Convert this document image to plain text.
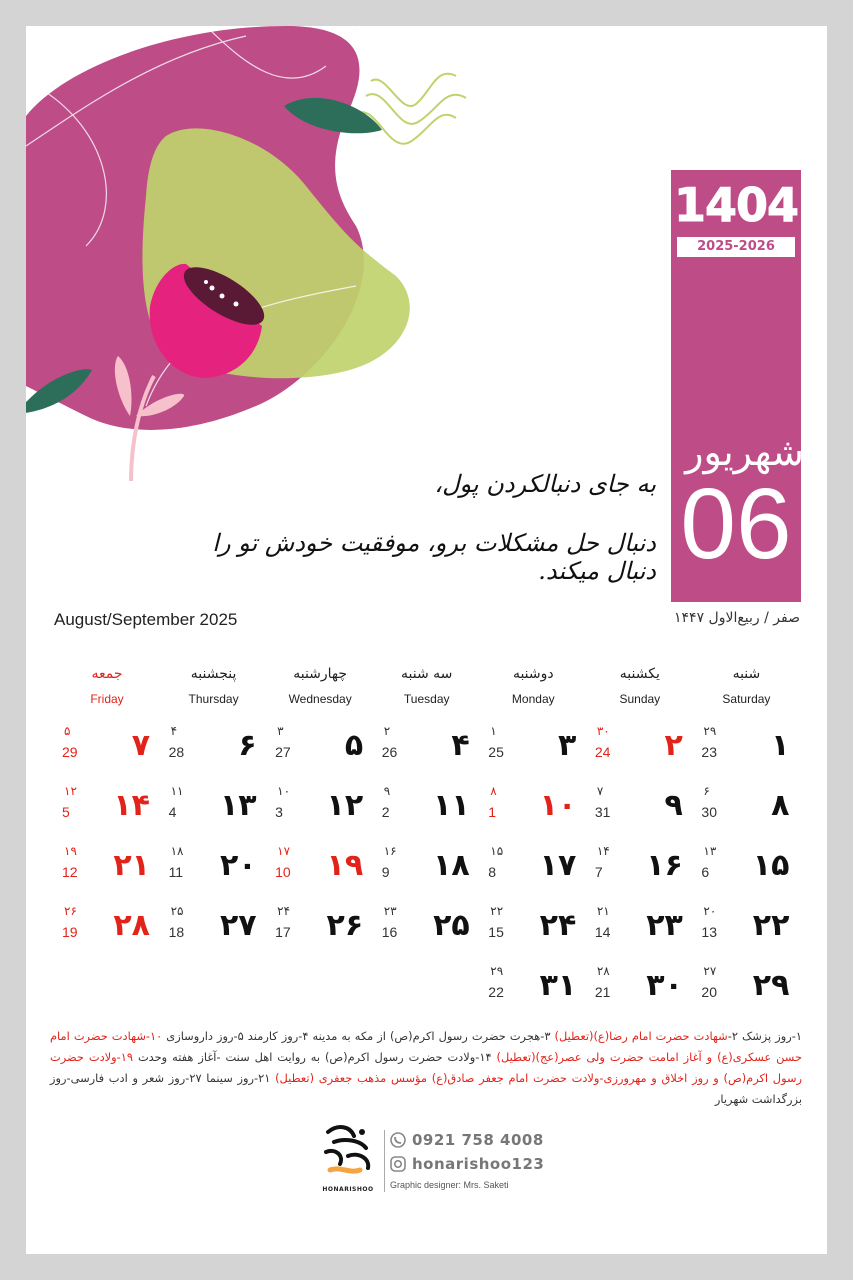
1404
2025-2026
شهریور
06
به جای دنبالکردن پول،
دنبال حل مشکلات برو، موفقیت خودش تو را دنبال میکند.
August/September 2025	صفر / ربیع‌الاول ۱۴۴۷
شنبه
Saturday
یکشنبه
Sunday
دوشنبه
Monday
سه شنبه
Tuesday
چهارشنبه
Wednesday
پنجشنبه
Thursday
جمعه
Friday
۱
۲۹
23
۲
۳۰
24
۳
۱
25
۴
۲
26
۵
۳
27
۶
۴
28
۷
۵
29
۸
۶
30
۹
۷
31
۱۰
۸
1
۱۱
۹
2
۱۲
۱۰
3
۱۳
۱۱
4
۱۴
۱۲
5
۱۵
۱۳
6
۱۶
۱۴
7
۱۷
۱۵
8
۱۸
۱۶
9
۱۹
۱۷
10
۲۰
۱۸
11
۲۱
۱۹
12
۲۲
۲۰
13
۲۳
۲۱
14
۲۴
۲۲
15
۲۵
۲۳
16
۲۶
۲۴
17
۲۷
۲۵
18
۲۸
۲۶
19
۲۹
۲۷
20
۳۰
۲۸
21
۳۱
۲۹
22
۱-روز پزشک ۲-شهادت حضرت امام رضا(ع)(تعطیل) ۳-هجرت حضرت رسول اکرم(ص) از مکه به مدینه ۴-روز کارمند ۵-روز داروسازی ۱۰-شهادت حضرت امام حسن عسکری(ع) و آغاز امامت حضرت ولی عصر(عج)(تعطیل) ۱۴-ولادت حضرت رسول اکرم(ص) به روایت اهل سنت -آغاز هفته وحدت ۱۹-ولادت حضرت رسول اکرم(ص) و روز اخلاق و مهرورزی-ولادت حضرت امام جعفر صادق(ع) مؤسس مذهب جعفری (تعطیل) ۲۱-روز سینما ۲۷-روز شعر و ادب فارسی-روز بزرگداشت شهریار
HONARISHOO
0921 758 4008
honarishoo123
Graphic designer: Mrs. Saketi
